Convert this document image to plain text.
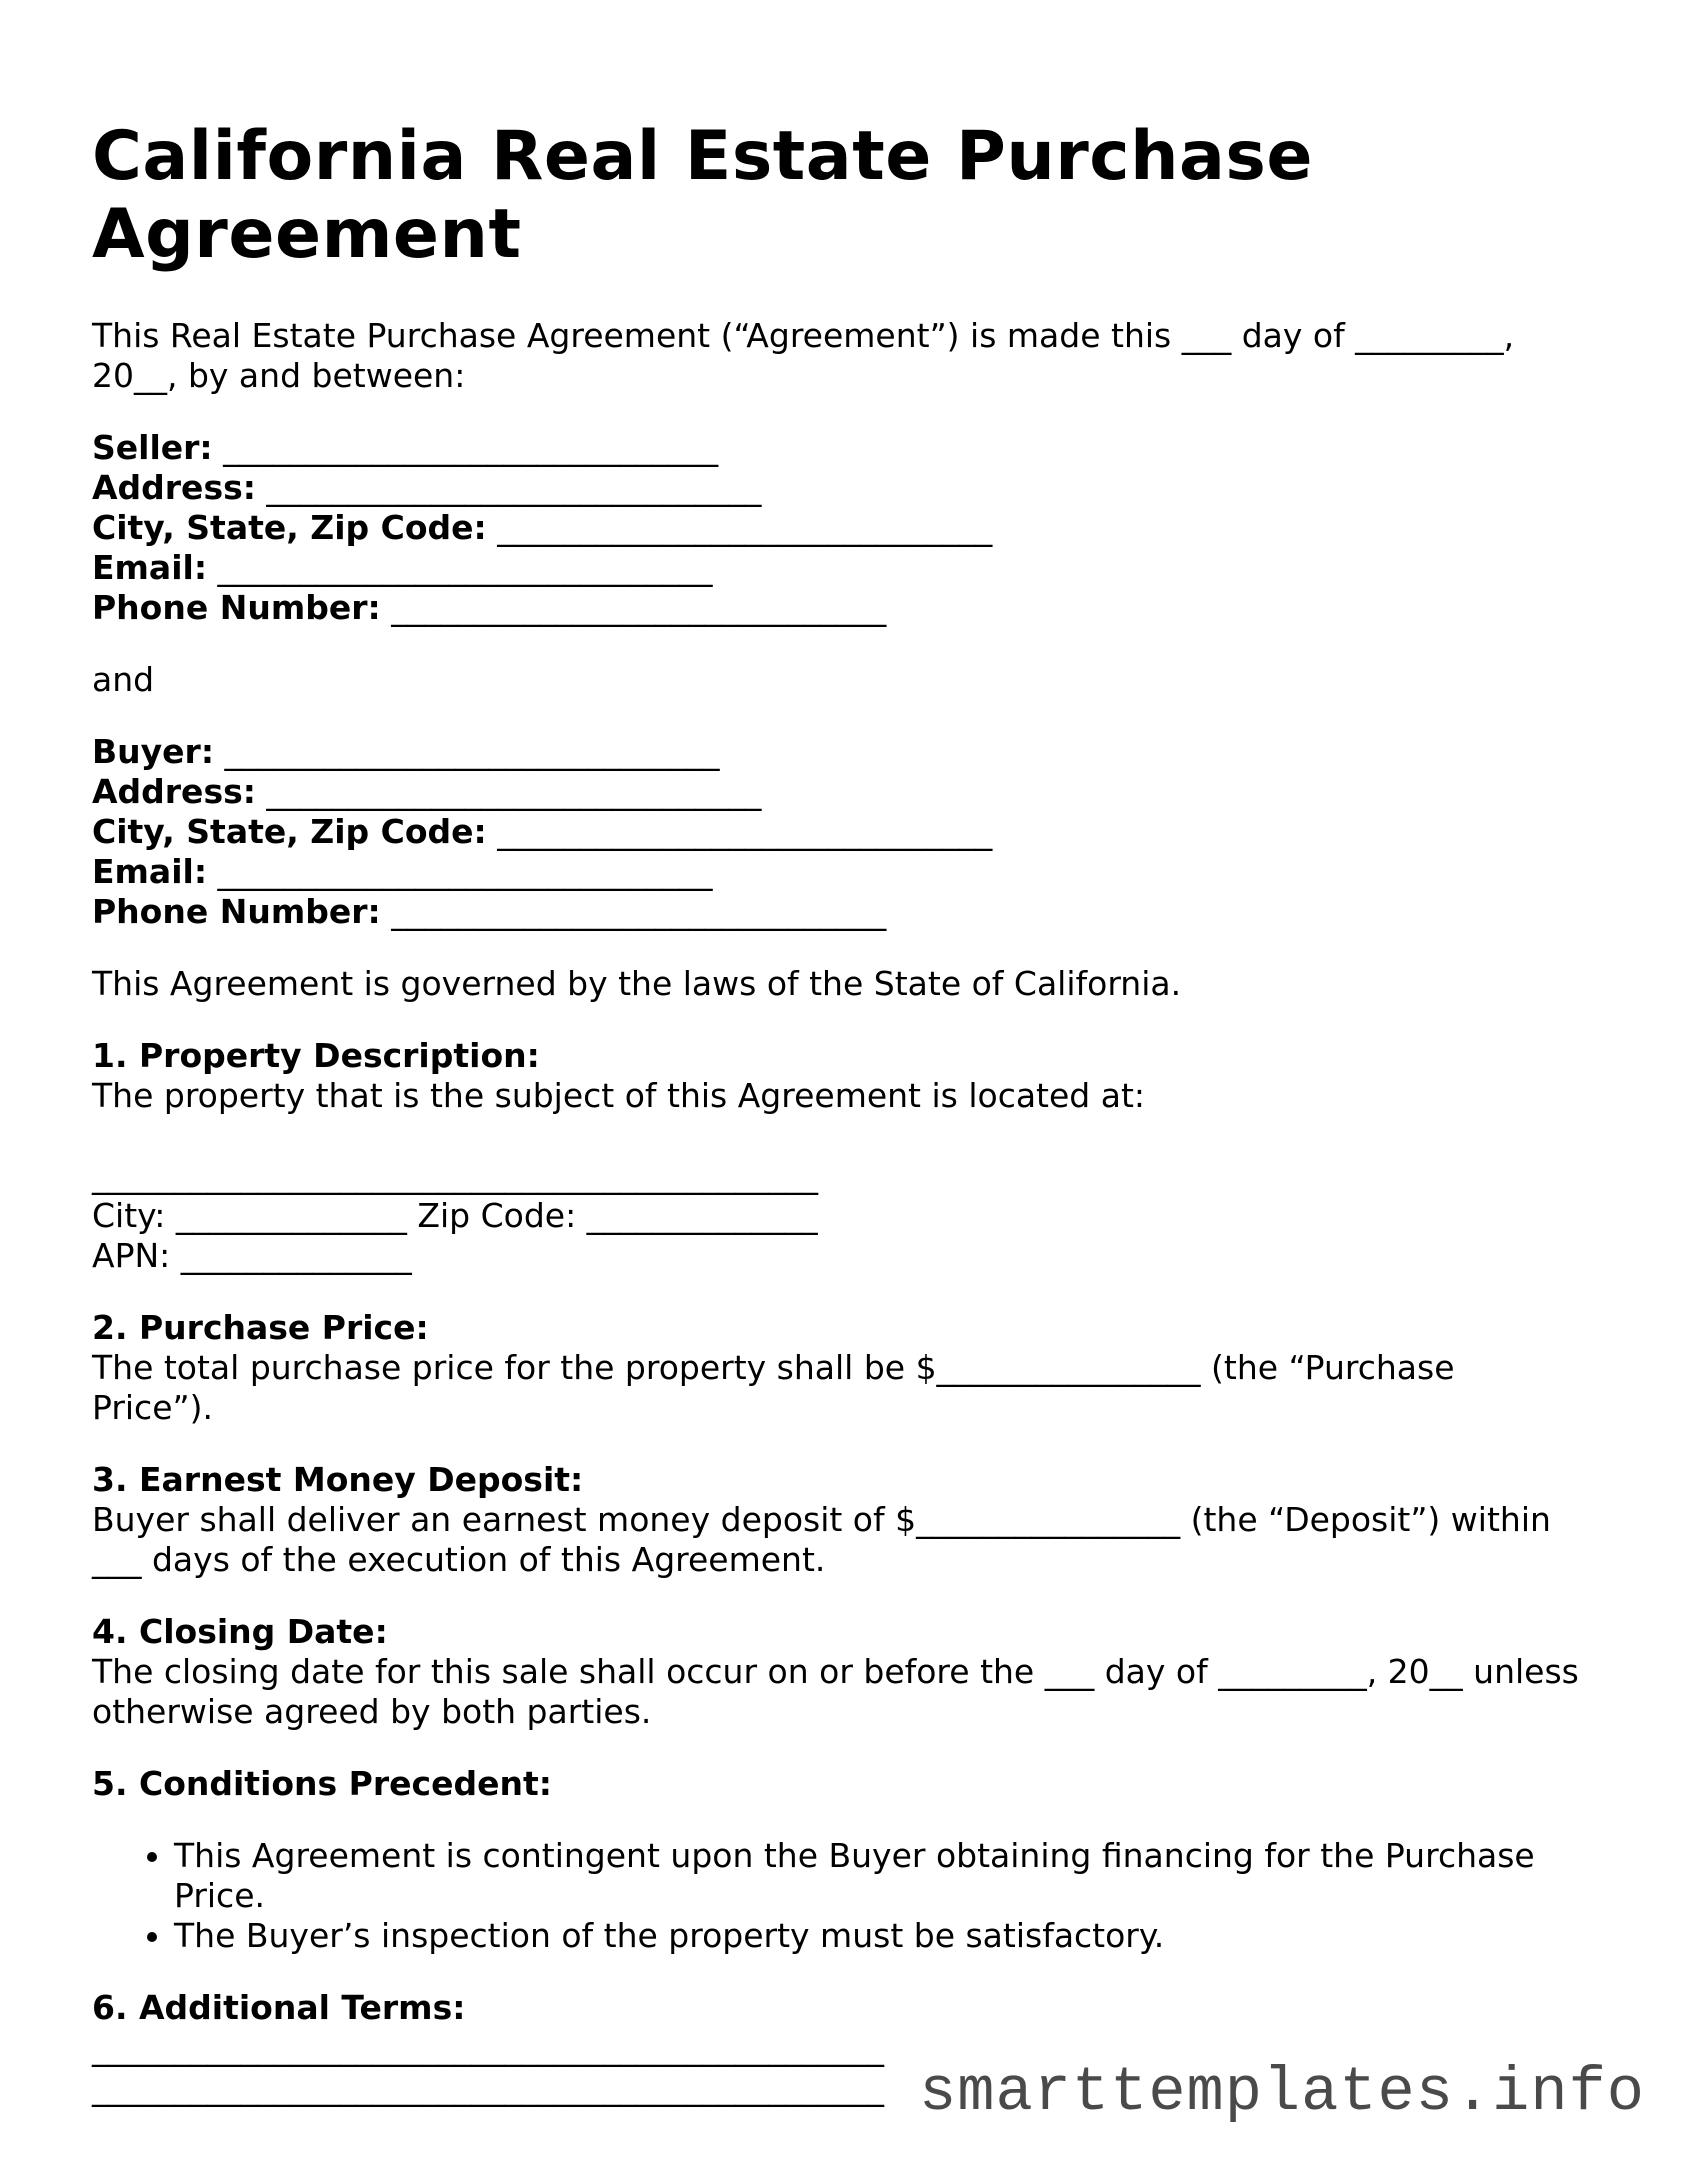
California Real Estate Purchase Agreement
This Real Estate Purchase Agreement (“Agreement”) is made this ___ day of _________,
20__, by and between:
Seller: ______________________________
Address: ______________________________
City, State, Zip Code: ______________________________
Email: ______________________________
Phone Number: ______________________________
and
Buyer: ______________________________
Address: ______________________________
City, State, Zip Code: ______________________________
Email: ______________________________
Phone Number: ______________________________
This Agreement is governed by the laws of the State of California.
1. Property Description:
The property that is the subject of this Agreement is located at:
____________________________________________
City: ______________ Zip Code: ______________
APN: ______________
2. Purchase Price:
The total purchase price for the property shall be $________________ (the “Purchase
Price”).
3. Earnest Money Deposit:
Buyer shall deliver an earnest money deposit of $________________ (the “Deposit”) within
___ days of the execution of this Agreement.
4. Closing Date:
The closing date for this sale shall occur on or before the ___ day of _________, 20__ unless
otherwise agreed by both parties.
5. Conditions Precedent:
• This Agreement is contingent upon the Buyer obtaining financing for the Purchase
Price.
• The Buyer’s inspection of the property must be satisfactory.
6. Additional Terms:
________________________________________________
________________________________________________ smarttemplates.info
